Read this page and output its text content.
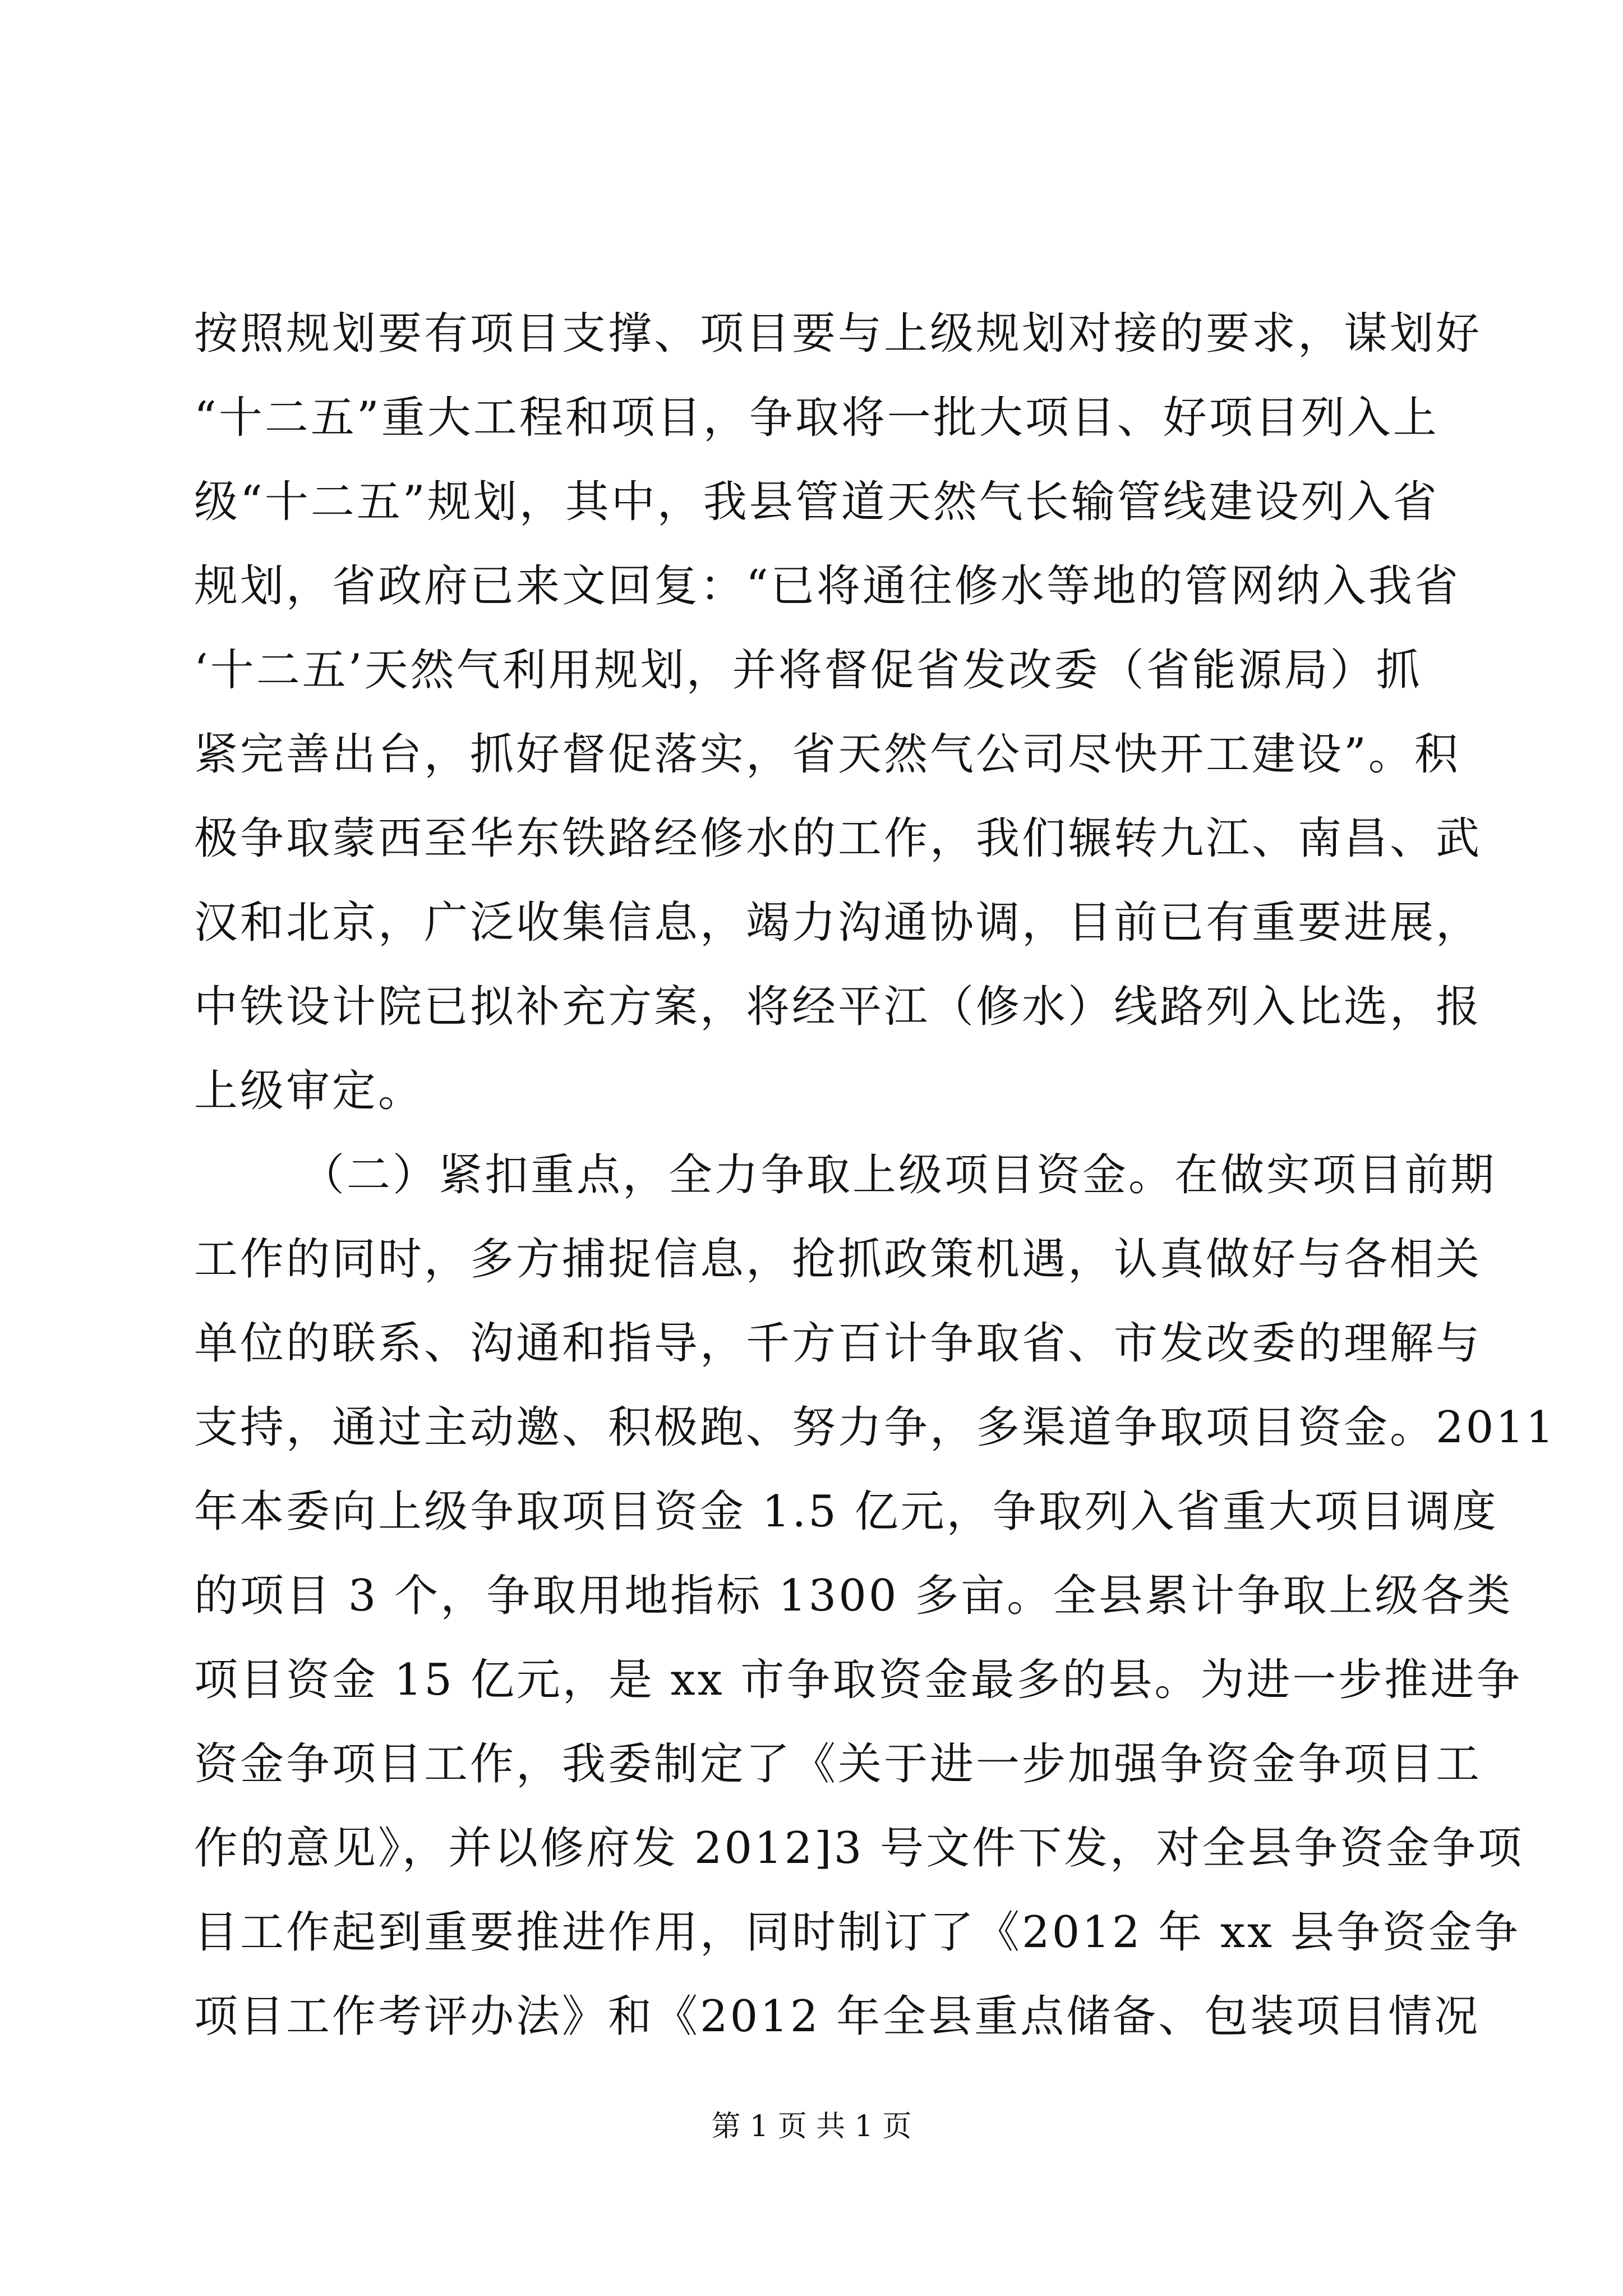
按照规划要有项目支撑、项目要与上级规划对接的要求，谋划好
“十二五”重大工程和项目，争取将一批大项目、好项目列入上
级“十二五”规划，其中，我县管道天然气长输管线建设列入省
规划，省政府已来文回复：“已将通往修水等地的管网纳入我省
‘十二五’天然气利用规划，并将督促省发改委（省能源局）抓
紧完善出台，抓好督促落实，省天然气公司尽快开工建设”。积
极争取蒙西至华东铁路经修水的工作，我们辗转九江、南昌、武
汉和北京，广泛收集信息，竭力沟通协调，目前已有重要进展，
中铁设计院已拟补充方案，将经平江（修水）线路列入比选，报
上级审定。
（二）紧扣重点，全力争取上级项目资金。在做实项目前期
工作的同时，多方捕捉信息，抢抓政策机遇，认真做好与各相关
单位的联系、沟通和指导，千方百计争取省、市发改委的理解与
支持，通过主动邀、积极跑、努力争，多渠道争取项目资金。2011
年本委向上级争取项目资金 1.5 亿元，争取列入省重大项目调度
的项目 3 个，争取用地指标 1300 多亩。全县累计争取上级各类
项目资金 15 亿元，是 xx 市争取资金最多的县。为进一步推进争
资金争项目工作，我委制定了《关于进一步加强争资金争项目工
作的意见》，并以修府发 2012]3 号文件下发，对全县争资金争项
目工作起到重要推进作用，同时制订了《2012 年 xx 县争资金争
项目工作考评办法》和《2012 年全县重点储备、包装项目情况
第 1 页 共 1 页
